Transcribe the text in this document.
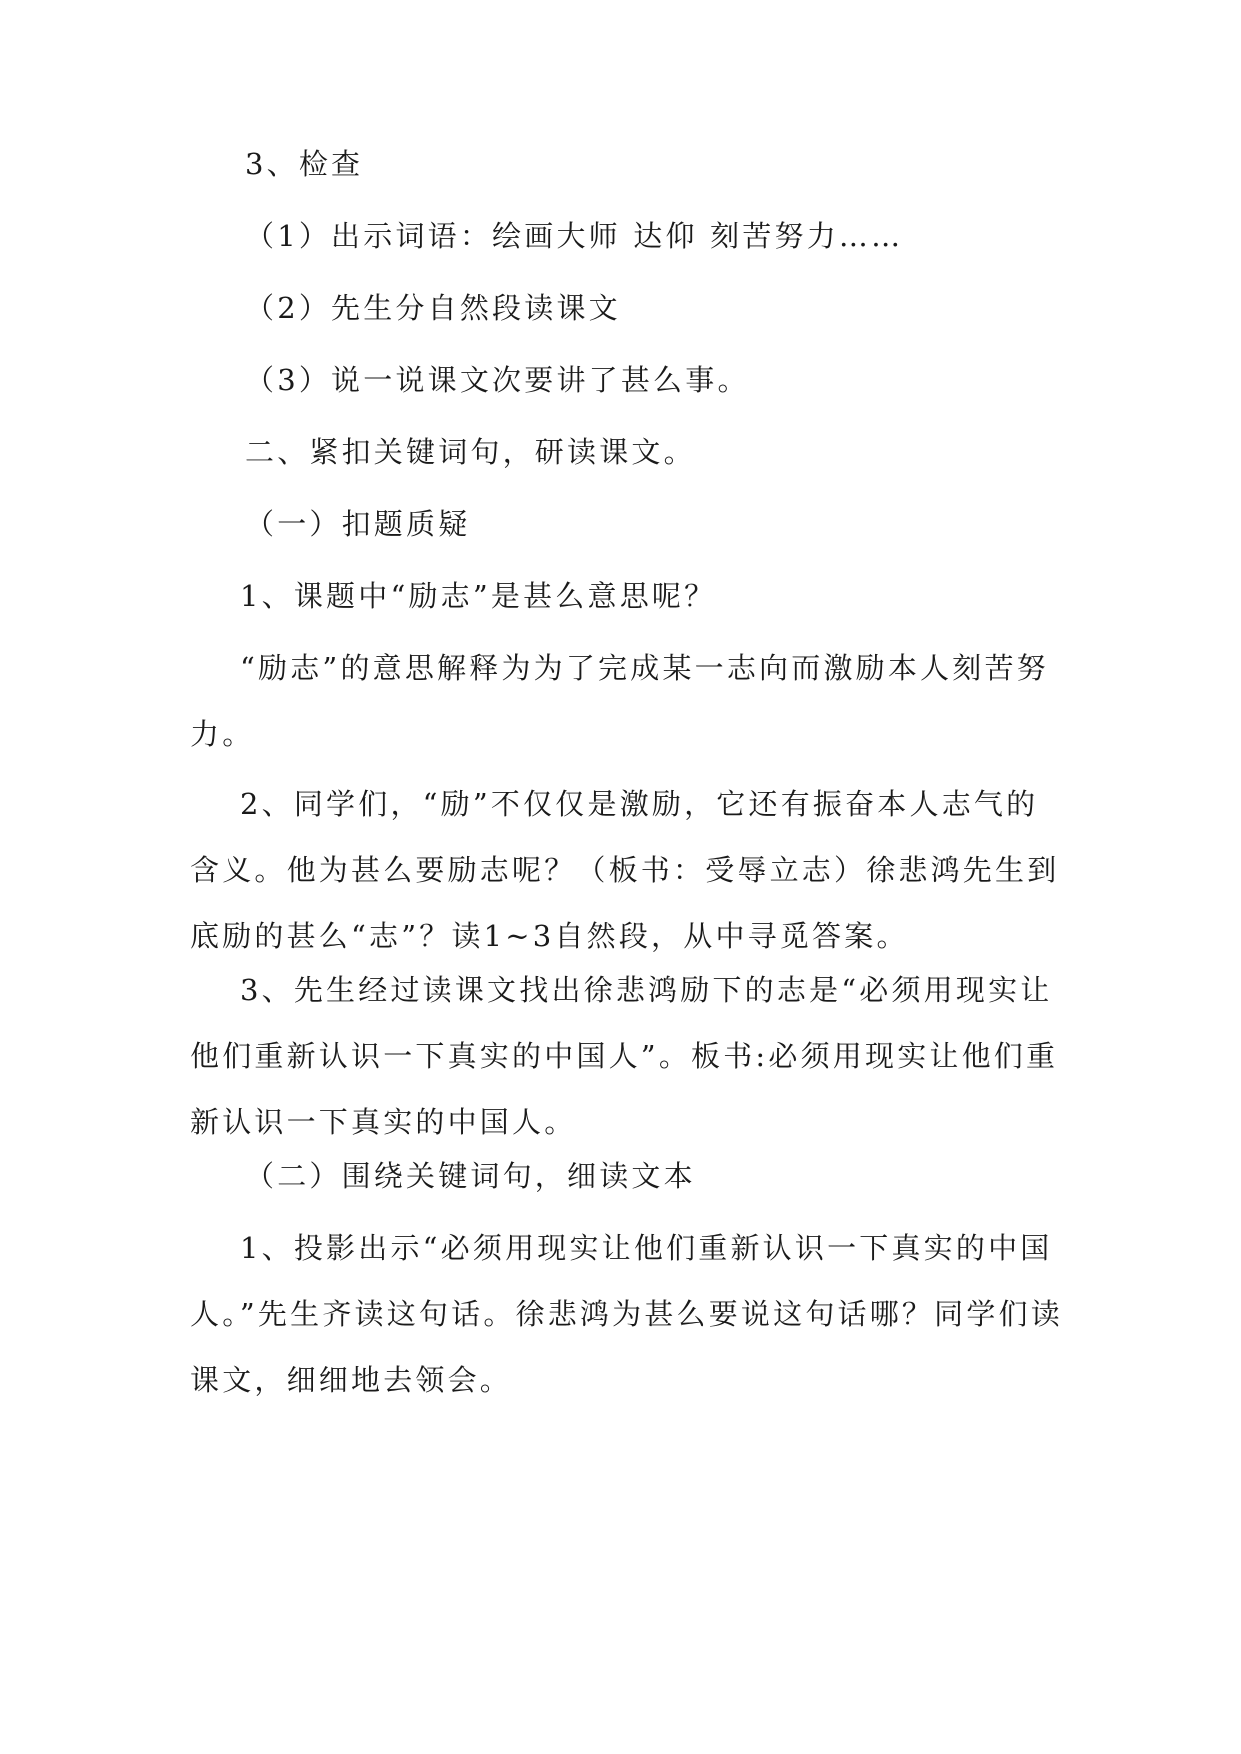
3、检查

（1）出示词语：绘画大师 达仰 刻苦努力……

（2）先生分自然段读课文

（3）说一说课文次要讲了甚么事。

二、紧扣关键词句，研读课文。

（一）扣题质疑

1、课题中“励志”是甚么意思呢？

“励志”的意思解释为为了完成某一志向而激励本人刻苦努力。

2、同学们，“励”不仅仅是激励，它还有振奋本人志气的含义。他为甚么要励志呢？（板书：受辱立志）徐悲鸿先生到底励的甚么“志”？读1~3自然段，从中寻觅答案。

3、先生经过读课文找出徐悲鸿励下的志是“必须用现实让他们重新认识一下真实的中国人”。板书:必须用现实让他们重新认识一下真实的中国人。

（二）围绕关键词句，细读文本

1、投影出示“必须用现实让他们重新认识一下真实的中国人。”先生齐读这句话。徐悲鸿为甚么要说这句话哪？同学们读课文，细细地去领会。
